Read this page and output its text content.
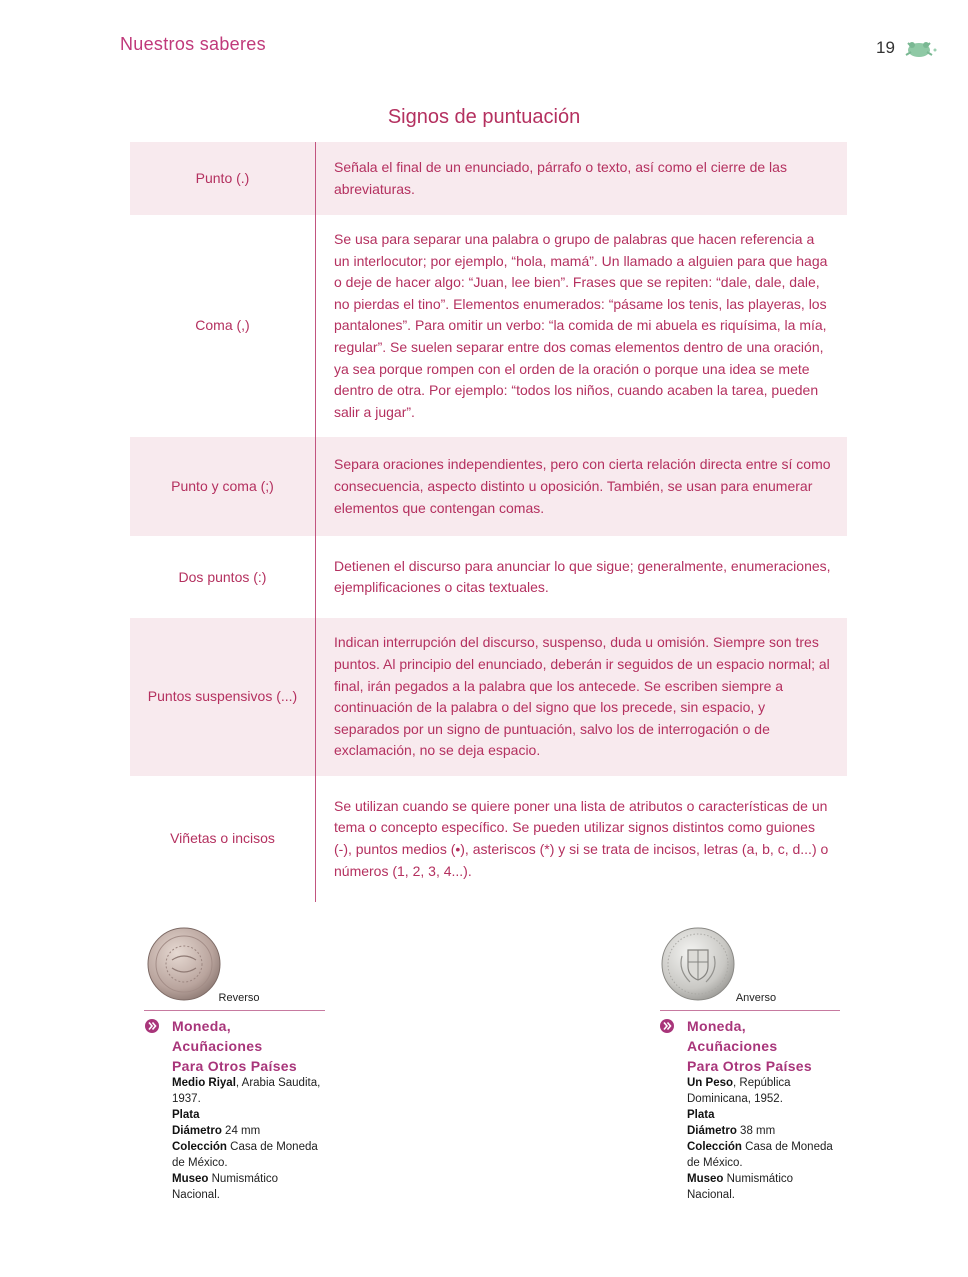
Nuestros saberes	19
Signos de puntuación
Punto (.)	Señala el final de un enunciado, párrafo o texto, así como el cierre de las abreviaturas.
Coma (,)	Se usa para separar una palabra o grupo de palabras que hacen referencia a un interlocutor; por ejemplo, “hola, mamá”. Un llamado a alguien para que haga o deje de hacer algo: “Juan, lee bien”. Frases que se repiten: “dale, dale, dale, no pierdas el tino”. Elementos enumerados: “pásame los tenis, las playeras, los pantalones”. Para omitir un verbo: “la comida de mi abuela es riquísima, la mía, regular”. Se suelen separar entre dos comas elementos dentro de una oración, ya sea porque rompen con el orden de la oración o porque una idea se mete dentro de otra. Por ejemplo: “todos los niños, cuando acaben la tarea, pueden salir a jugar”.
Punto y coma (;)	Separa oraciones independientes, pero con cierta relación directa entre sí como consecuencia, aspecto distinto u oposición. También, se usan para enumerar elementos que contengan comas.
Dos puntos (:)	Detienen el discurso para anunciar lo que sigue; generalmente, enumeraciones, ejemplificaciones o citas textuales.
Puntos suspensivos (...)	Indican interrupción del discurso, suspenso, duda u omisión. Siempre son tres puntos. Al principio del enunciado, deberán ir seguidos de un espacio normal; al final, irán pegados a la palabra que los antecede. Se escriben siempre a continuación de la palabra o del signo que los precede, sin espacio, y separados por un signo de puntuación, salvo los de interrogación o de exclamación, no se deja espacio.
Viñetas o incisos	Se utilizan cuando se quiere poner una lista de atributos o características de un tema o concepto específico. Se pueden utilizar signos distintos como guiones (-), puntos medios (•), asteriscos (*) y si se trata de incisos, letras (a, b, c, d...) o números (1, 2, 3, 4...).
Reverso
Moneda,
Acuñaciones
Para Otros Países
Medio Riyal, Arabia Saudita,
1937.
Plata
Diámetro 24 mm
Colección Casa de Moneda
de México.
Museo Numismático
Nacional.
Anverso
Moneda,
Acuñaciones
Para Otros Países
Un Peso, República
Dominicana, 1952.
Plata
Diámetro 38 mm
Colección Casa de Moneda
de México.
Museo Numismático
Nacional.
